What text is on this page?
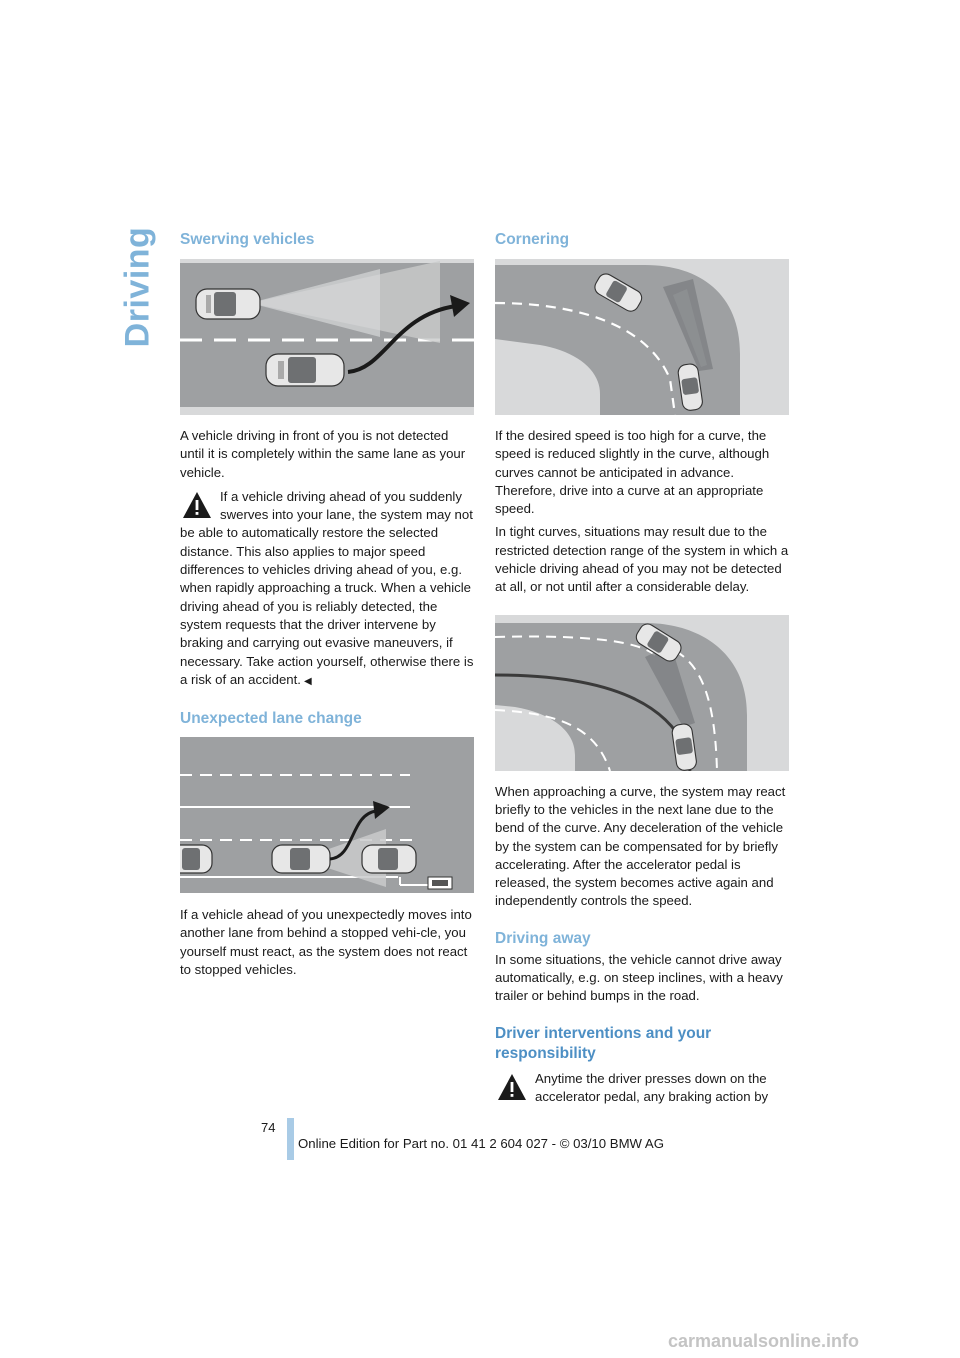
Driving Swerving vehicles

A vehicle driving in front of you is not detected until it is completely within the same lane as your vehicle.

If a vehicle driving ahead of you suddenly swerves into your lane, the system may not be able to automatically restore the selected distance. This also applies to major speed differences to vehicles driving ahead of you, e.g. when rapidly approaching a truck. When a vehicle driving ahead of you is reliably detected, the system requests that the driver intervene by braking and carrying out evasive maneuvers, if necessary. Take action yourself, otherwise there is a risk of an accident. ◀

Unexpected lane change

If a vehicle ahead of you unexpectedly moves into another lane from behind a stopped vehi-cle, you yourself must react, as the system does not react to stopped vehicles.

Cornering

If the desired speed is too high for a curve, the speed is reduced slightly in the curve, although curves cannot be anticipated in advance. Therefore, drive into a curve at an appropriate speed.

In tight curves, situations may result due to the restricted detection range of the system in which a vehicle driving ahead of you may not be detected at all, or not until after a considerable delay.

When approaching a curve, the system may react briefly to the vehicles in the next lane due to the bend of the curve. Any deceleration of the vehicle by the system can be compensated for by briefly accelerating. After the accelerator pedal is released, the system becomes active again and independently controls the speed.

Driving away

In some situations, the vehicle cannot drive away automatically, e.g. on steep inclines, with a heavy trailer or behind bumps in the road.

Driver interventions and your responsibility

Anytime the driver presses down on the accelerator pedal, any braking action by

74
Online Edition for Part no. 01 41 2 604 027 - © 03/10 BMW AG
carmanualsonline.info
